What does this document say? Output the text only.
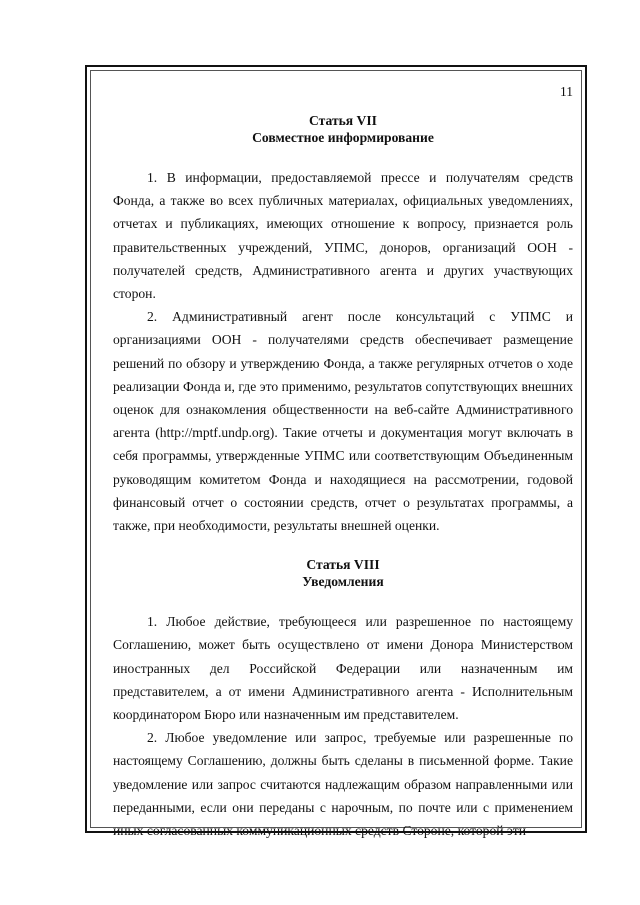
11

Статья VII

Совместное информирование

1. В информации, предоставляемой прессе и получателям средств Фонда, а также во всех публичных материалах, официальных уведомлениях, отчетах и публикациях, имеющих отношение к вопросу, признается роль правительственных учреждений, УПМС, доноров, организаций ООН - получателей средств, Административного агента и других участвующих сторон.

2. Административный агент после консультаций с УПМС и организациями ООН - получателями средств обеспечивает размещение решений по обзору и утверждению Фонда, а также регулярных отчетов о ходе реализации Фонда и, где это применимо, результатов сопутствующих внешних оценок для ознакомления общественности на веб-сайте Административного агента (http://mptf.undp.org). Такие отчеты и документация могут включать в себя программы, утвержденные УПМС или соответствующим Объединенным руководящим комитетом Фонда и находящиеся на рассмотрении, годовой финансовый отчет о состоянии средств, отчет о результатах программы, а также, при необходимости, результаты внешней оценки.

Статья VIII

Уведомления

1. Любое действие, требующееся или разрешенное по настоящему Соглашению, может быть осуществлено от имени Донора Министерством иностранных дел Российской Федерации или назначенным им представителем, а от имени Административного агента - Исполнительным координатором Бюро или назначенным им представителем.

2. Любое уведомление или запрос, требуемые или разрешенные по настоящему Соглашению, должны быть сделаны в письменной форме. Такие уведомление или запрос считаются надлежащим образом направленными или переданными, если они переданы с нарочным, по почте или с применением иных согласованных коммуникационных средств Стороне, которой эти
